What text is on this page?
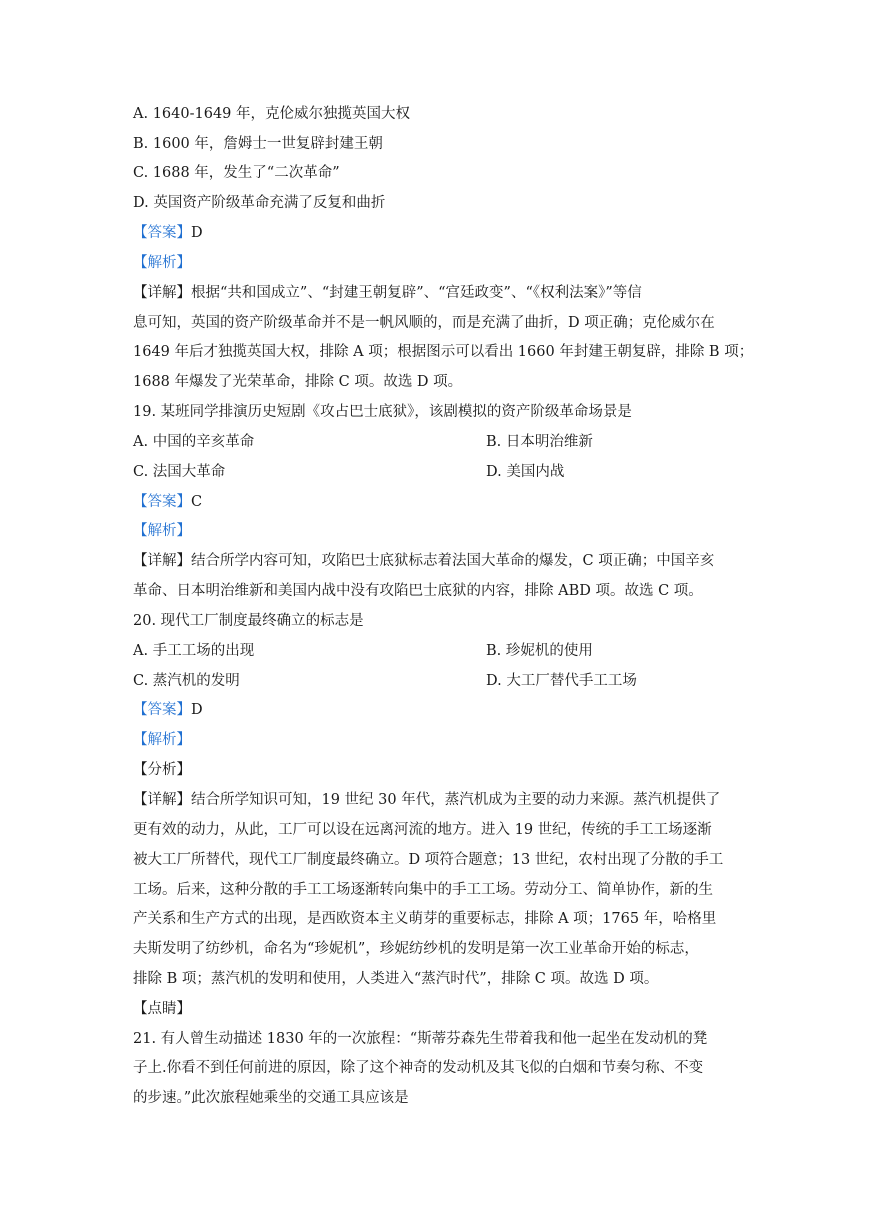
A. 1640-1649 年，克伦威尔独揽英国大权
B. 1600 年，詹姆士一世复辟封建王朝
C. 1688 年，发生了“二次革命”
D. 英国资产阶级革命充满了反复和曲折
【答案】D
【解析】
【详解】根据“共和国成立”、“封建王朝复辟”、“宫廷政变”、“《权利法案》”等信
息可知，英国的资产阶级革命并不是一帆风顺的，而是充满了曲折，D 项正确；克伦威尔在
1649 年后才独揽英国大权，排除 A 项；根据图示可以看出 1660 年封建王朝复辟，排除 B 项；
1688 年爆发了光荣革命，排除 C 项。故选 D 项。
19. 某班同学排演历史短剧《攻占巴士底狱》，该剧模拟的资产阶级革命场景是
A. 中国的辛亥革命	B. 日本明治维新
C. 法国大革命	D. 美国内战
【答案】C
【解析】
【详解】结合所学内容可知，攻陷巴士底狱标志着法国大革命的爆发，C 项正确；中国辛亥
革命、日本明治维新和美国内战中没有攻陷巴士底狱的内容，排除 ABD 项。故选 C 项。
20. 现代工厂制度最终确立的标志是
A. 手工工场的出现	B. 珍妮机的使用
C. 蒸汽机的发明	D. 大工厂替代手工工场
【答案】D
【解析】
【分析】
【详解】结合所学知识可知，19 世纪 30 年代，蒸汽机成为主要的动力来源。蒸汽机提供了
更有效的动力，从此，工厂可以设在远离河流的地方。进入 19 世纪，传统的手工工场逐渐
被大工厂所替代，现代工厂制度最终确立。D 项符合题意；13 世纪，农村出现了分散的手工
工场。后来，这种分散的手工工场逐渐转向集中的手工工场。劳动分工、简单协作，新的生
产关系和生产方式的出现，是西欧资本主义萌芽的重要标志，排除 A 项；1765 年，哈格里
夫斯发明了纺纱机，命名为“珍妮机”，珍妮纺纱机的发明是第一次工业革命开始的标志，
排除 B 项；蒸汽机的发明和使用，人类进入“蒸汽时代”，排除 C 项。故选 D 项。
【点睛】
21. 有人曾生动描述 1830 年的一次旅程：“斯蒂芬森先生带着我和他一起坐在发动机的凳
子上.你看不到任何前进的原因，除了这个神奇的发动机及其飞似的白烟和节奏匀称、不变
的步速。”此次旅程她乘坐的交通工具应该是
